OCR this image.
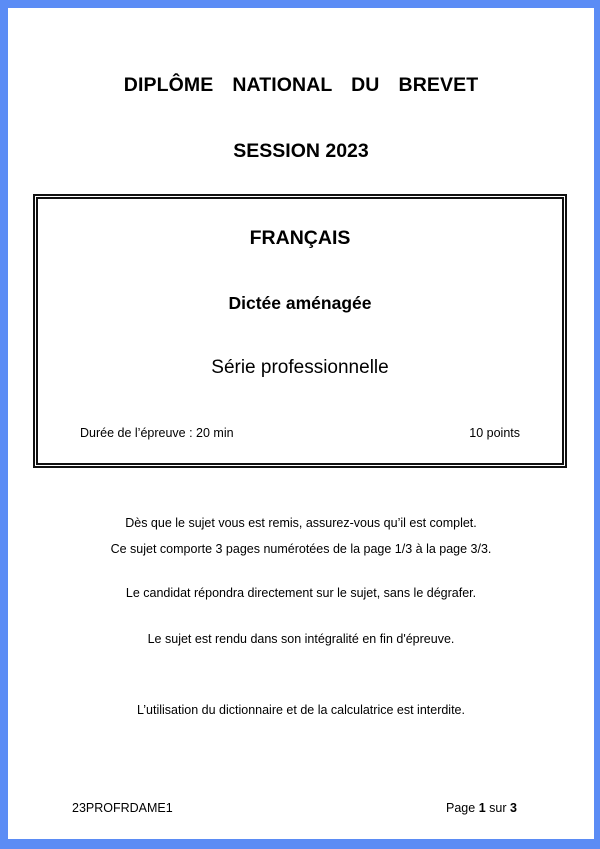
DIPLÔME  NATIONAL  DU  BREVET
SESSION 2023
FRANÇAIS
Dictée aménagée
Série professionnelle
Durée de l’épreuve : 20 min	10 points
Dès que le sujet vous est remis, assurez-vous qu’il est complet.
Ce sujet comporte 3 pages numérotées de la page 1/3 à la page 3/3.
Le candidat répondra directement sur le sujet, sans le dégrafer.
Le sujet est rendu dans son intégralité en fin d'épreuve.
L’utilisation du dictionnaire et de la calculatrice est interdite.
23PROFRDAME1	Page 1 sur 3
